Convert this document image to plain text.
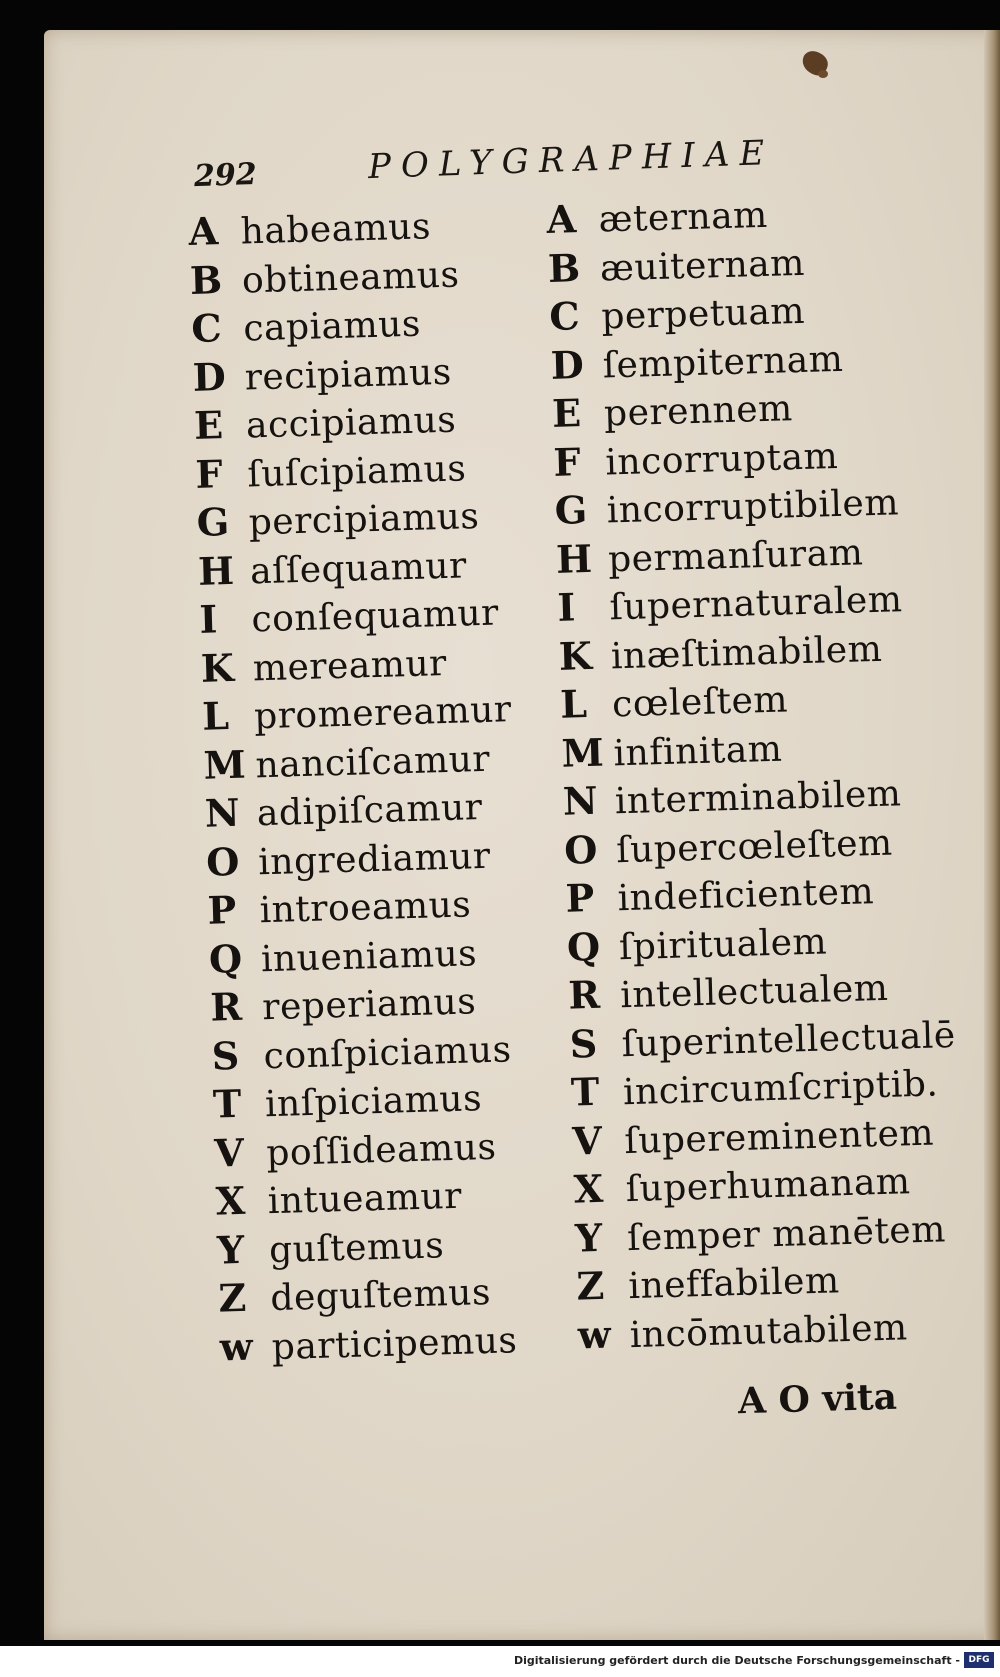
292	POLYGRAPHIAE
A habeamus
B obtineamus
C capiamus
D recipiamus
E accipiamus
F ſuſcipiamus
G percipiamus
H aſſequamur
I conſequamur
K mereamur
L promereamur
M nanciſcamur
N adipiſcamur
O ingrediamur
P introeamus
Q inueniamus
R reperiamus
S conſpiciamus
T inſpiciamus
V poſſideamus
X intueamur
Y guſtemus
Z deguſtemus
w participemus
A æternam
B æuiternam
C perpetuam
D ſempiternam
E perennem
F incorruptam
G incorruptibilem
H permanſuram
I ſupernaturalem
K inæſtimabilem
L cœleſtem
M infinitam
N interminabilem
O ſupercœleſtem
P indeficientem
Q ſpiritualem
R intellectualem
S ſuperintellectualē
T incircumſcriptib.
V ſupereminentem
X ſuperhumanam
Y ſemper manētem
Z ineffabilem
w incōmutabilem
A O vita
Digitalisierung gefördert durch die Deutsche Forschungsgemeinschaft - DFG
